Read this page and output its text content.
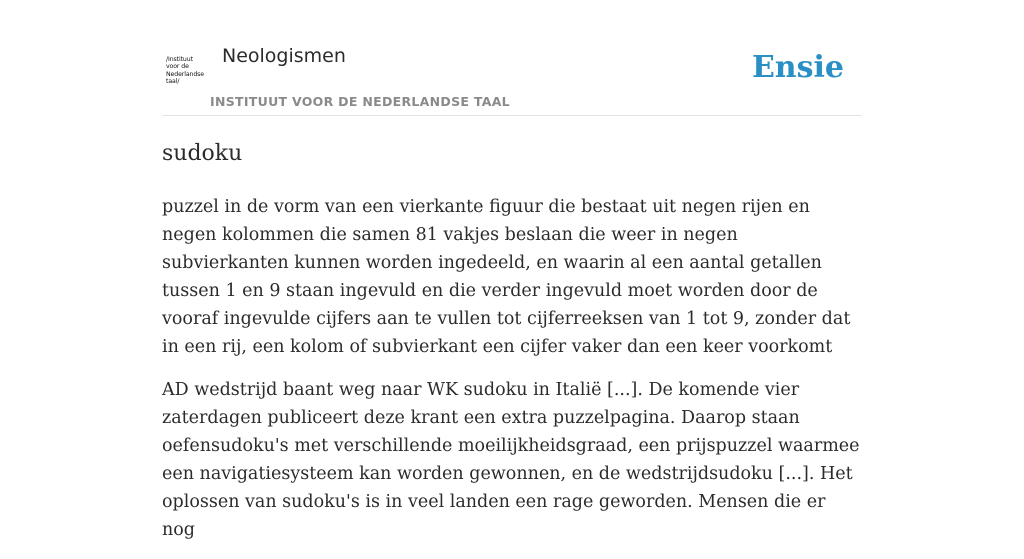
/Instituut
voor de
Nederlandse
taal/
Neologismen
INSTITUUT VOOR DE NEDERLANDSE TAAL
Ensie
sudoku

puzzel in de vorm van een vierkante figuur die bestaat uit negen rijen en negen kolommen die samen 81 vakjes beslaan die weer in negen subvierkanten kunnen worden ingedeeld, en waarin al een aantal getallen tussen 1 en 9 staan ingevuld en die verder ingevuld moet worden door de vooraf ingevulde cijfers aan te vullen tot cijferreeksen van 1 tot 9, zonder dat in een rij, een kolom of subvierkant een cijfer vaker dan een keer voorkomt

AD wedstrijd baant weg naar WK sudoku in Italië [...]. De komende vier zaterdagen publiceert deze krant een extra puzzelpagina. Daarop staan oefensudoku's met verschillende moeilijkheidsgraad, een prijspuzzel waarmee een navigatiesysteem kan worden gewonnen, en de wedstrijdsudoku [...]. Het oplossen van sudoku's is in veel landen een rage geworden. Mensen die er nog
